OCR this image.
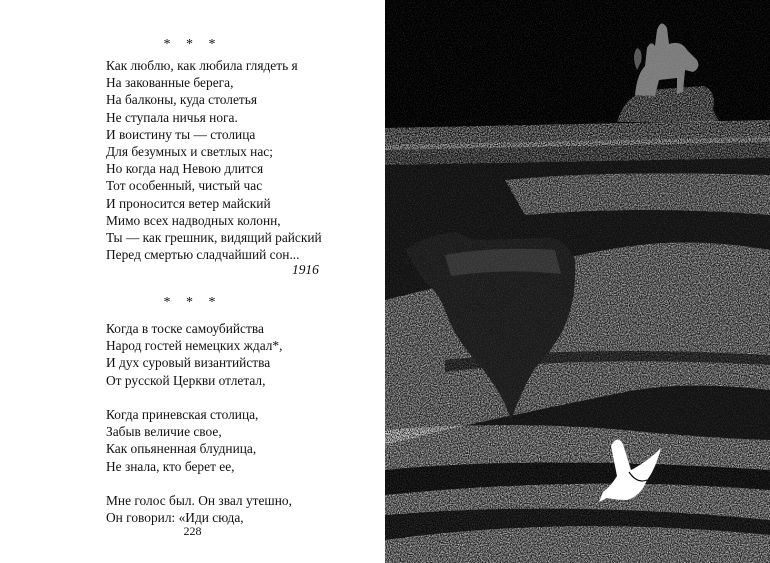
* * *
Как люблю, как любила глядеть я
На закованные берега,
На балконы, куда столетья
Не ступала ничья нога.
И воистину ты — столица
Для безумных и светлых нас;
Но когда над Невою длится
Тот особенный, чистый час
И проносится ветер майский
Мимо всех надводных колонн,
Ты — как грешник, видящий райский
Перед смертью сладчайший сон...
1916
* * *
Когда в тоске самоубийства
Народ гостей немецких ждал*,
И дух суровый византийства
От русской Церкви отлетал,
Когда приневская столица,
Забыв величие свое,
Как опьяненная блудница,
Не знала, кто берет ее,
Мне голос был. Он звал утешно,
Он говорил: «Иди сюда,
228
